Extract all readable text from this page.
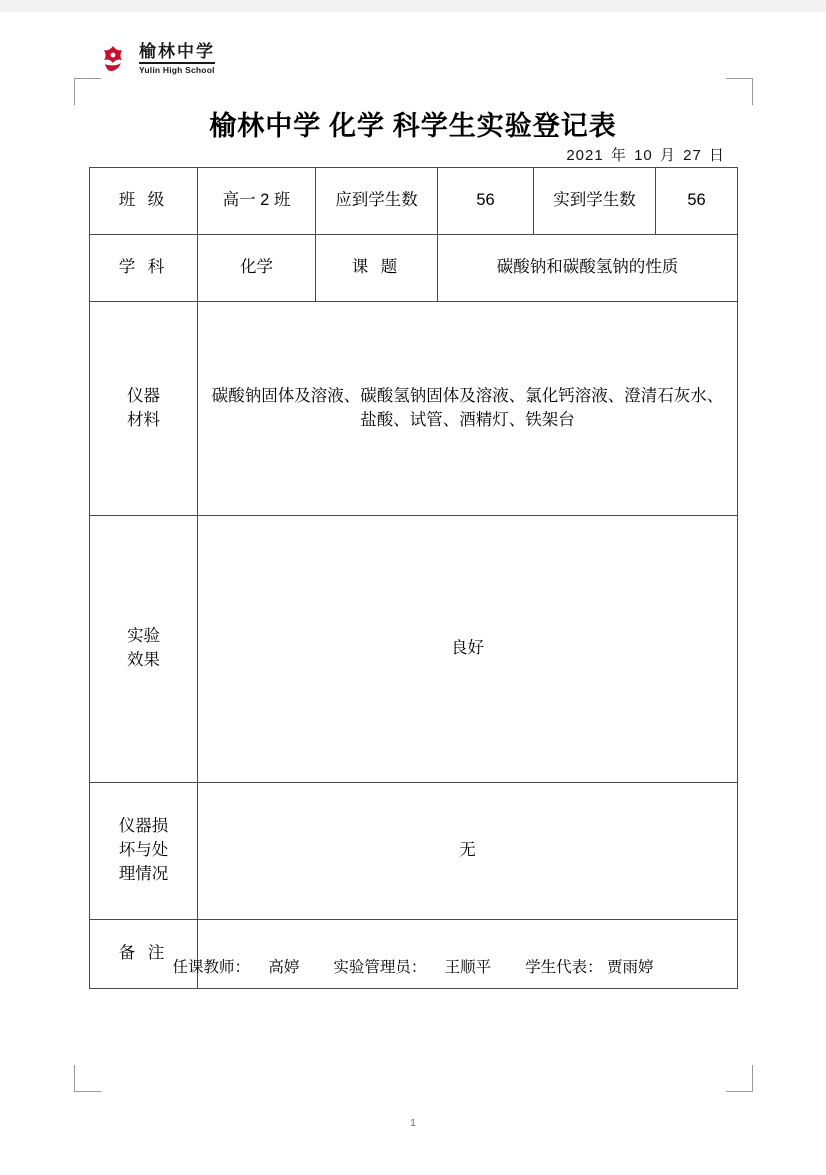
榆林中学
Yulin High School
榆林中学 化学 科学生实验登记表
2021 年 10 月 27 日
班 级	高一 2 班	应到学生数	56	实到学生数	56
学 科	化学	课 题	碳酸钠和碳酸氢钠的性质		

仪器
材料	碳酸钠固体及溶液、碳酸氢钠固体及溶液、氯化钙溶液、澄清石灰水、盐酸、试管、酒精灯、铁架台				

实验
效果	良好				

仪器损
坏与处
理情况	无				
备 注					
任课教师： 高婷 实验管理员： 王顺平 学生代表： 贾雨婷
1
